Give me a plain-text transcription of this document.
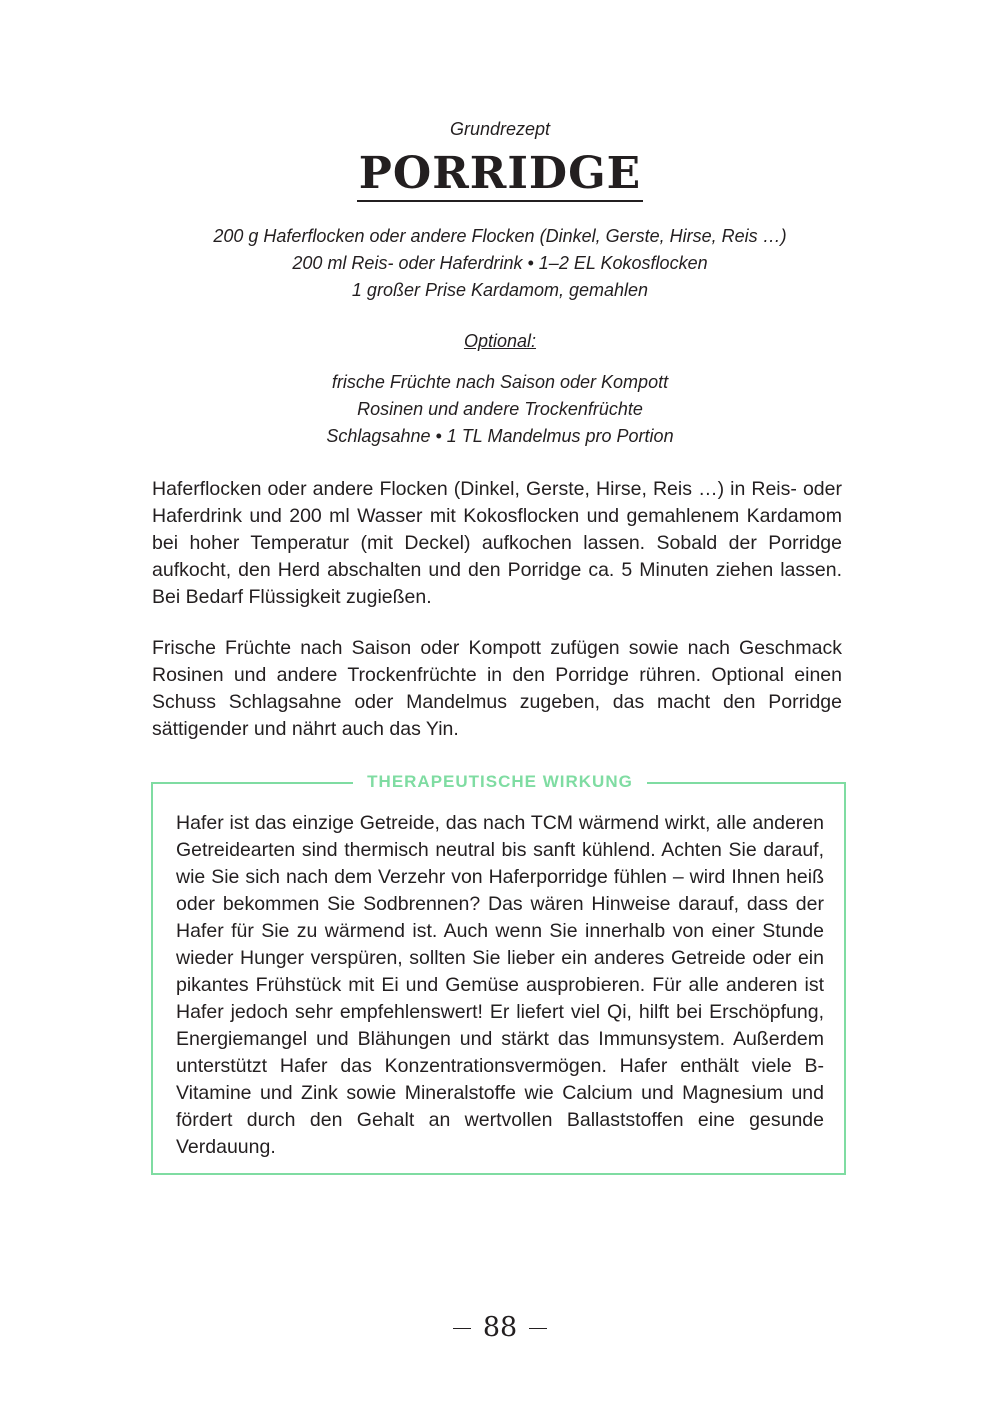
Grundrezept
PORRIDGE
200 g Haferflocken oder andere Flocken (Dinkel, Gerste, Hirse, Reis …)
200 ml Reis- oder Haferdrink • 1–2 EL Kokosflocken
1 großer Prise Kardamom, gemahlen
Optional:
frische Früchte nach Saison oder Kompott
Rosinen und andere Trockenfrüchte
Schlagsahne • 1 TL Mandelmus pro Portion

Haferflocken oder andere Flocken (Dinkel, Gerste, Hirse, Reis …) in Reis- oder Haferdrink und 200 ml Wasser mit Kokosflocken und gemahlenem Kardamom bei hoher Temperatur (mit Deckel) aufkochen lassen. Sobald der Porridge aufkocht, den Herd abschalten und den Porridge ca. 5 Minuten ziehen lassen. Bei Bedarf Flüssigkeit zugießen.

Frische Früchte nach Saison oder Kompott zufügen sowie nach Geschmack Rosinen und andere Trockenfrüchte in den Porridge rühren. Optional einen Schuss Schlagsahne oder Mandelmus zugeben, das macht den Porridge sättigender und nährt auch das Yin.

THERAPEUTISCHE WIRKUNG
Hafer ist das einzige Getreide, das nach TCM wärmend wirkt, alle anderen Getreidearten sind thermisch neutral bis sanft kühlend. Achten Sie darauf, wie Sie sich nach dem Verzehr von Haferporridge fühlen – wird Ihnen heiß oder bekommen Sie Sodbrennen? Das wären Hinweise darauf, dass der Hafer für Sie zu wärmend ist. Auch wenn Sie innerhalb von einer Stunde wieder Hunger verspüren, sollten Sie lieber ein anderes Getreide oder ein pikantes Frühstück mit Ei und Gemüse ausprobieren. Für alle anderen ist Hafer jedoch sehr empfehlenswert! Er liefert viel Qi, hilft bei Erschöpfung, Energiemangel und Blähungen und stärkt das Immunsystem. Außerdem unterstützt Hafer das Konzentrationsvermögen. Hafer enthält viele B-Vitamine und Zink sowie Mineralstoffe wie Calcium und Magnesium und fördert durch den Gehalt an wertvollen Ballaststoffen eine gesunde Verdauung.
88
